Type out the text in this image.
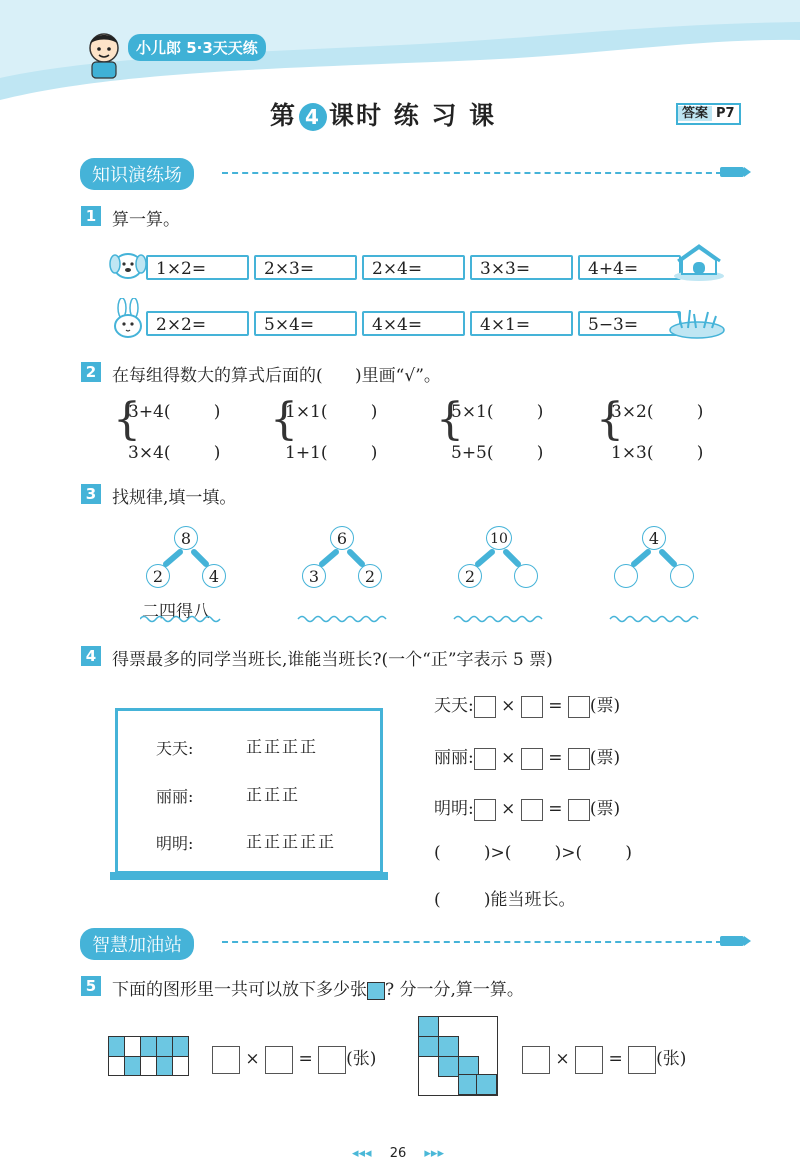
小儿郎 5·3天天练
第 4 课时 练 习 课	答案 P7
知识演练场
1 算一算。
1×2=	2×3=	2×4=	3×3=	4+4=
2×2=	5×4=	4×4=	4×1=	5−3=
2 在每组得数大的算式后面的(      )里画“√”。
{
3+4(        )
3×4(        )
{
1×1(        )
1+1(        )
{
5×1(        )
5+5(        )
{
3×2(        )
1×3(        )
3 找规律,填一填。
8
2	4
二四得八
6
3	2
10
2
4
4 得票最多的同学当班长,谁能当班长?(一个“正”字表示 5 票)
天天:	正正正正
丽丽:	正正正
明明:	正正正正正
天天: ×  = (票)
丽丽: ×  = (票)
明明: ×  = (票)
(        )>(        )>(        )
(        )能当班长。
智慧加油站
5 下面的图形里一共可以放下多少张 ? 分一分,算一算。
×  = (张)	×  = (张)
◂◂◂ 26 ▸▸▸
